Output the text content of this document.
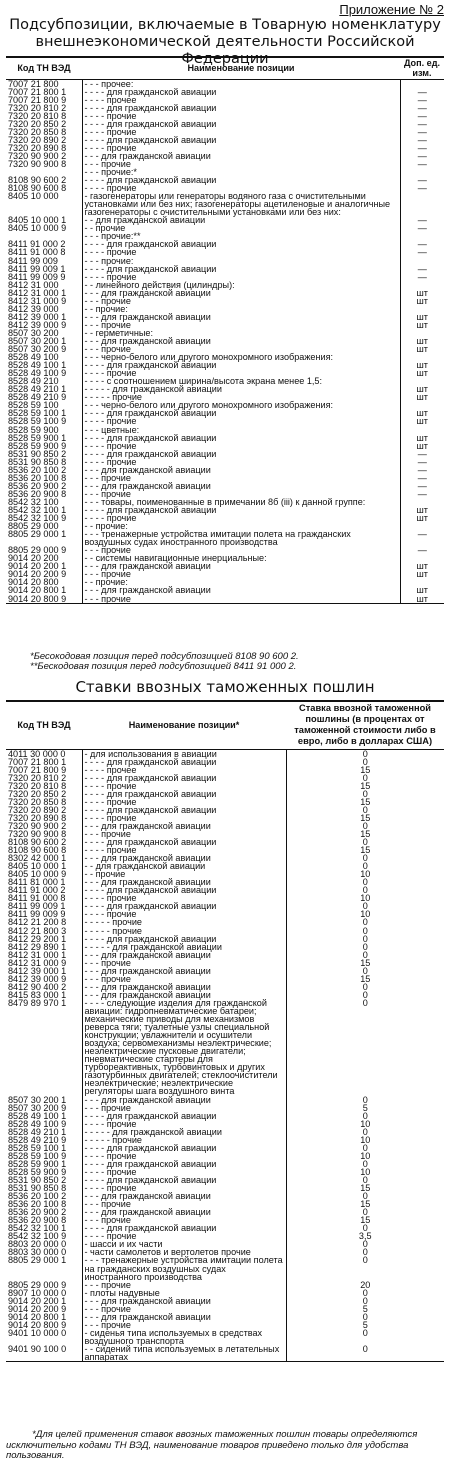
Приложение № 2
Подсубпозиции, включаемые в Товарную номенклатуру внешнеэкономической деятельности Российской Федерации
Код ТН ВЭД	Наименование позиции	Доп. ед. изм.
7007 21 800	- - - прочее:	
7007 21 800 1	- - - - для гражданской авиации	—
7007 21 800 9	- - - - прочее	—
7320 20 810 2	- - - - для гражданской авиации	—
7320 20 810 8	- - - - прочие	—
7320 20 850 2	- - - - для гражданской авиации	—
7320 20 850 8	- - - - прочие	—
7320 20 890 2	- - - - для гражданской авиации	—
7320 20 890 8	- - - - прочие	—
7320 90 900 2	- - - для гражданской авиации	—
7320 90 900 8	- - - прочие	—
	- - - прочие:*	
8108 90 600 2	- - - - для гражданской авиации	—
8108 90 600 8	- - - - прочие	—
8405 10 000	- газогенераторы или генераторы водяного газа с очистительными установками или без них; газогенераторы ацетиленовые и аналогичные газогенераторы с очистительными установками или без них:	
8405 10 000 1	- - для гражданской авиации	—
8405 10 000 9	- - прочие	—
	- - - прочие:**	
8411 91 000 2	- - - - для гражданской авиации	—
8411 91 000 8	- - - - прочие	—
8411 99 009	- - - прочие:	
8411 99 009 1	- - - - для гражданской авиации	—
8411 99 009 9	- - - - прочие	—
8412 31 000	- - линейного действия (цилиндры):	
8412 31 000 1	- - - для гражданской авиации	шт
8412 31 000 9	- - - прочие	шт
8412 39 000	- - прочие:	
8412 39 000 1	- - - для гражданской авиации	шт
8412 39 000 9	- - - прочие	шт
8507 30 200	- - герметичные:	
8507 30 200 1	- - - для гражданской авиации	шт
8507 30 200 9	- - - прочие	шт
8528 49 100	- - - черно-белого или другого монохромного изображения:	
8528 49 100 1	- - - - для гражданской авиации	шт
8528 49 100 9	- - - - прочие	шт
8528 49 210	- - - - с соотношением ширина/высота экрана менее 1,5:	
8528 49 210 1	- - - - - для гражданской авиации	шт
8528 49 210 9	- - - - - прочие	шт
8528 59 100	- - - черно-белого или другого монохромного изображения:	
8528 59 100 1	- - - - для гражданской авиации	шт
8528 59 100 9	- - - - прочие	шт
8528 59 900	- - - цветные:	
8528 59 900 1	- - - - для гражданской авиации	шт
8528 59 900 9	- - - - прочие	шт
8531 90 850 2	- - - - для гражданской авиации	—
8531 90 850 8	- - - - прочие	—
8536 20 100 2	- - - для гражданской авиации	—
8536 20 100 8	- - - прочие	—
8536 20 900 2	- - - для гражданской авиации	—
8536 20 900 8	- - - прочие	—
8542 32 100	- - - товары, поименованные в примечании 8б (iii) к данной группе:	
8542 32 100 1	- - - - для гражданской авиации	шт
8542 32 100 9	- - - - прочие	шт
8805 29 000	- - прочие:	
8805 29 000 1	- - - тренажерные устройства имитации полета на гражданских воздушных судах иностранного производства	—
8805 29 000 9	- - - прочие	—
9014 20 200	- - системы навигационные инерциальные:	
9014 20 200 1	- - - для гражданской авиации	шт
9014 20 200 9	- - - прочие	шт
9014 20 800	- - прочие:	
9014 20 800 1	- - - для гражданской авиации	шт
9014 20 800 9	- - - прочие	шт
*Бесокодовая позиция перед подсубпозицией 8108 90 600 2.
**Бескодовая позиция перед подсубпозицией 8411 91 000 2.
Ставки ввозных таможенных пошлин
Код ТН ВЭД	Наименование позиции*	Ставка ввозной таможенной пошлины (в процентах от таможенной стоимости либо в евро, либо в долларах США)
4011 30 000 0	- для использования в авиации	0
7007 21 800 1	- - - - для гражданской авиации	0
7007 21 800 9	- - - - прочее	15
7320 20 810 2	- - - - для гражданской авиации	0
7320 20 810 8	- - - - прочие	15
7320 20 850 2	- - - - для гражданской авиации	0
7320 20 850 8	- - - - прочие	15
7320 20 890 2	- - - - для гражданской авиации	0
7320 20 890 8	- - - - прочие	15
7320 90 900 2	- - - для гражданской авиации	0
7320 90 900 8	- - - прочие	15
8108 90 600 2	- - - - для гражданской авиации	0
8108 90 600 8	- - - - прочие	15
8302 42 000 1	- - - для гражданской авиации	0
8405 10 000 1	- - для гражданской авиации	0
8405 10 000 9	- - прочие	10
8411 81 000 1	- - - для гражданской авиации	0
8411 91 000 2	- - - - для гражданской авиации	0
8411 91 000 8	- - - - прочие	10
8411 99 009 1	- - - - для гражданской авиации	0
8411 99 009 9	- - - - прочие	10
8412 21 200 8	- - - - - прочие	0
8412 21 800 3	- - - - - прочие	0
8412 29 200 1	- - - - для гражданской авиации	0
8412 29 890 1	- - - - - для гражданской авиации	0
8412 31 000 1	- - - для гражданской авиации	0
8412 31 000 9	- - - прочие	15
8412 39 000 1	- - - для гражданской авиации	0
8412 39 000 9	- - - прочие	15
8412 90 400 2	- - - для гражданской авиации	0
8415 83 000 1	- - - для гражданской авиации	0
8479 89 970 1	- - - - следующие изделия для гражданской авиации: гидропневматические батареи; механические приводы для механизмов реверса тяги; туалетные узлы специальной конструкции; увлажнители и осушители воздуха; сервомеханизмы неэлектрические; неэлектрические пусковые двигатели; пневматические стартеры для турбореактивных, турбовинтовых и других газотурбинных двигателей; стеклоочистители неэлектрические; неэлектрические регуляторы шага воздушного винта	0
8507 30 200 1	- - - для гражданской авиации	0
8507 30 200 9	- - - прочие	5
8528 49 100 1	- - - - для гражданской авиации	0
8528 49 100 9	- - - - прочие	10
8528 49 210 1	- - - - - для гражданской авиации	0
8528 49 210 9	- - - - - прочие	10
8528 59 100 1	- - - - для гражданской авиации	0
8528 59 100 9	- - - - прочие	10
8528 59 900 1	- - - - для гражданской авиации	0
8528 59 900 9	- - - - прочие	10
8531 90 850 2	- - - - для гражданской авиации	0
8531 90 850 8	- - - - прочие	15
8536 20 100 2	- - - для гражданской авиации	0
8536 20 100 8	- - - прочие	15
8536 20 900 2	- - - для гражданской авиации	0
8536 20 900 8	- - - прочие	15
8542 32 100 1	- - - - для гражданской авиации	0
8542 32 100 9	- - - - прочие	3,5
8803 20 000 0	- шасси и их части	0
8803 30 000 0	- части самолетов и вертолетов прочие	0
8805 29 000 1	- - - тренажерные устройства имитации полета на гражданских воздушных судах иностранного производства	0
8805 29 000 9	- - - прочие	20
8907 10 000 0	- плоты надувные	0
9014 20 200 1	- - - для гражданской авиации	0
9014 20 200 9	- - - прочие	5
9014 20 800 1	- - - для гражданской авиации	0
9014 20 800 9	- - - прочие	5
9401 10 000 0	- сиденья типа используемых в средствах воздушного транспорта	0
9401 90 100 0	- - сидений типа используемых в летательных аппаратах	0
*Для целей применения ставок ввозных таможенных пошлин товары определяются исключительно кодами ТН ВЭД, наименование товаров приведено только для удобства пользования.
